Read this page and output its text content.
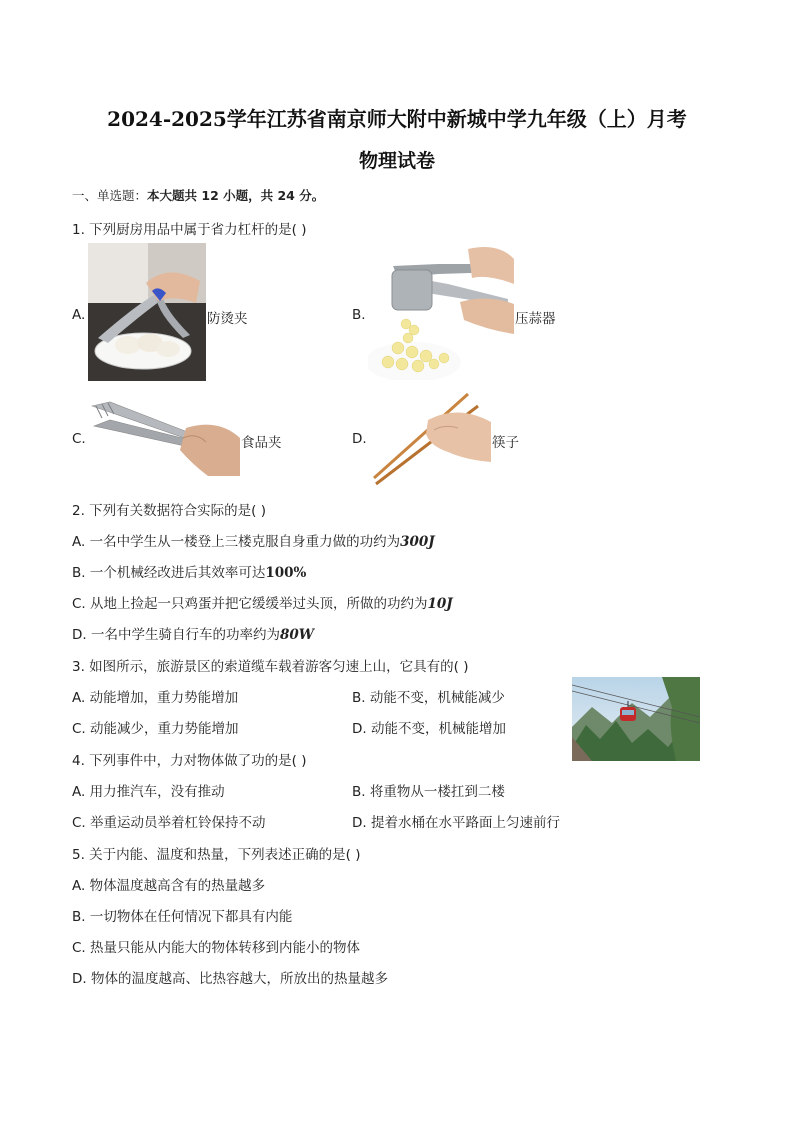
2024-2025学年江苏省南京师大附中新城中学九年级（上）月考
物理试卷
一、单选题：本大题共 12 小题，共 24 分。
1. 下列厨房用品中属于省力杠杆的是( )
A.	防烫夹	B.	压蒜器
C.	食品夹	D.	筷子
2. 下列有关数据符合实际的是( )
A. 一名中学生从一楼登上三楼克服自身重力做的功约为300J
B. 一个机械经改进后其效率可达100%
C. 从地上捡起一只鸡蛋并把它缓缓举过头顶，所做的功约为10J
D. 一名中学生骑自行车的功率约为80W
3. 如图所示，旅游景区的索道缆车载着游客匀速上山，它具有的( )
A. 动能增加，重力势能增加	B. 动能不变，机械能减少
C. 动能减少，重力势能增加	D. 动能不变，机械能增加
4. 下列事件中，力对物体做了功的是( )
A. 用力推汽车，没有推动	B. 将重物从一楼扛到二楼
C. 举重运动员举着杠铃保持不动	D. 提着水桶在水平路面上匀速前行
5. 关于内能、温度和热量，下列表述正确的是( )
A. 物体温度越高含有的热量越多
B. 一切物体在任何情况下都具有内能
C. 热量只能从内能大的物体转移到内能小的物体
D. 物体的温度越高、比热容越大，所放出的热量越多
